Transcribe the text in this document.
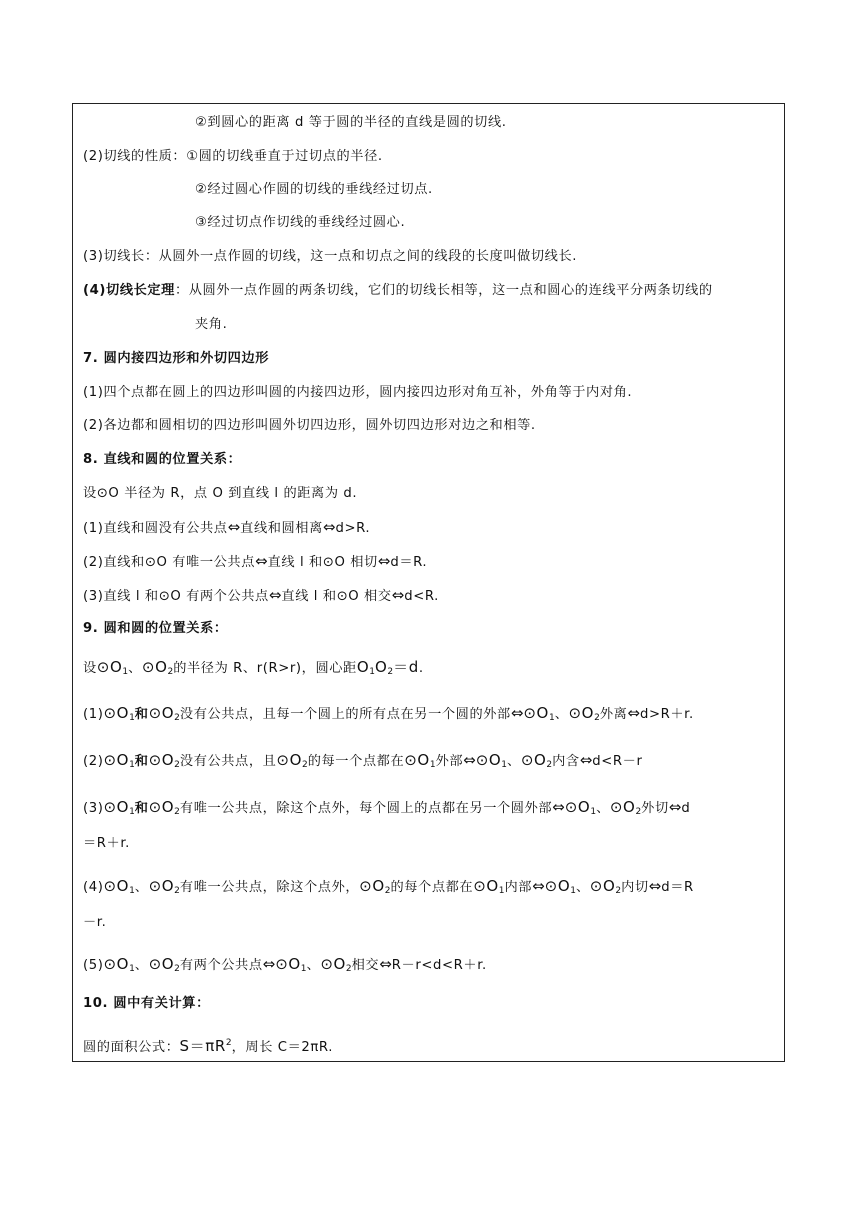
②到圆心的距离 d 等于圆的半径的直线是圆的切线.
(2)切线的性质：①圆的切线垂直于过切点的半径.
②经过圆心作圆的切线的垂线经过切点.
③经过切点作切线的垂线经过圆心.
(3)切线长：从圆外一点作圆的切线，这一点和切点之间的线段的长度叫做切线长.
(4)切线长定理：从圆外一点作圆的两条切线，它们的切线长相等，这一点和圆心的连线平分两条切线的
夹角.
7. 圆内接四边形和外切四边形
(1)四个点都在圆上的四边形叫圆的内接四边形，圆内接四边形对角互补，外角等于内对角.
(2)各边都和圆相切的四边形叫圆外切四边形，圆外切四边形对边之和相等.
8. 直线和圆的位置关系：
设⊙O 半径为 R，点 O 到直线 l 的距离为 d.
(1)直线和圆没有公共点⇔直线和圆相离⇔d>R.
(2)直线和⊙O 有唯一公共点⇔直线 l 和⊙O 相切⇔d＝R.
(3)直线 l 和⊙O 有两个公共点⇔直线 l 和⊙O 相交⇔d<R.
9. 圆和圆的位置关系：
设$⊙O_1$、$⊙O_2$的半径为 R、r(R>r)，圆心距$O_1O_2=d$.
$(1)⊙O_1$和$⊙O_2$没有公共点，且每一个圆上的所有点在另一个圆的外部$\Leftrightarrow⊙O_1$、$⊙O_2$外离⇔d>R＋r.
$(2)⊙O_1$和$⊙O_2$没有公共点，且$⊙O_2$的每一个点都在$⊙O_1$外部$\Leftrightarrow⊙O_1$、$⊙O_2$内含⇔d<R－r
$(3)⊙O_1$和$⊙O_2$有唯一公共点，除这个点外，每个圆上的点都在另一个圆外部$\Leftrightarrow⊙O_1$、$⊙O_2$外切⇔d
＝R＋r.
$(4)⊙O_1$、$⊙O_2$有唯一公共点，除这个点外，$⊙O_2$的每个点都在$⊙O_1$内部$\Leftrightarrow⊙O_1$、$⊙O_2$内切⇔d＝R
－r.
$(5)⊙O_1$、$⊙O_2$有两个公共点$\Leftrightarrow⊙O_1$、$⊙O_2$相交⇔R－r<d<R＋r.
10. 圆中有关计算：
圆的面积公式：$S=\pi R^2$，周长 C＝2πR.
